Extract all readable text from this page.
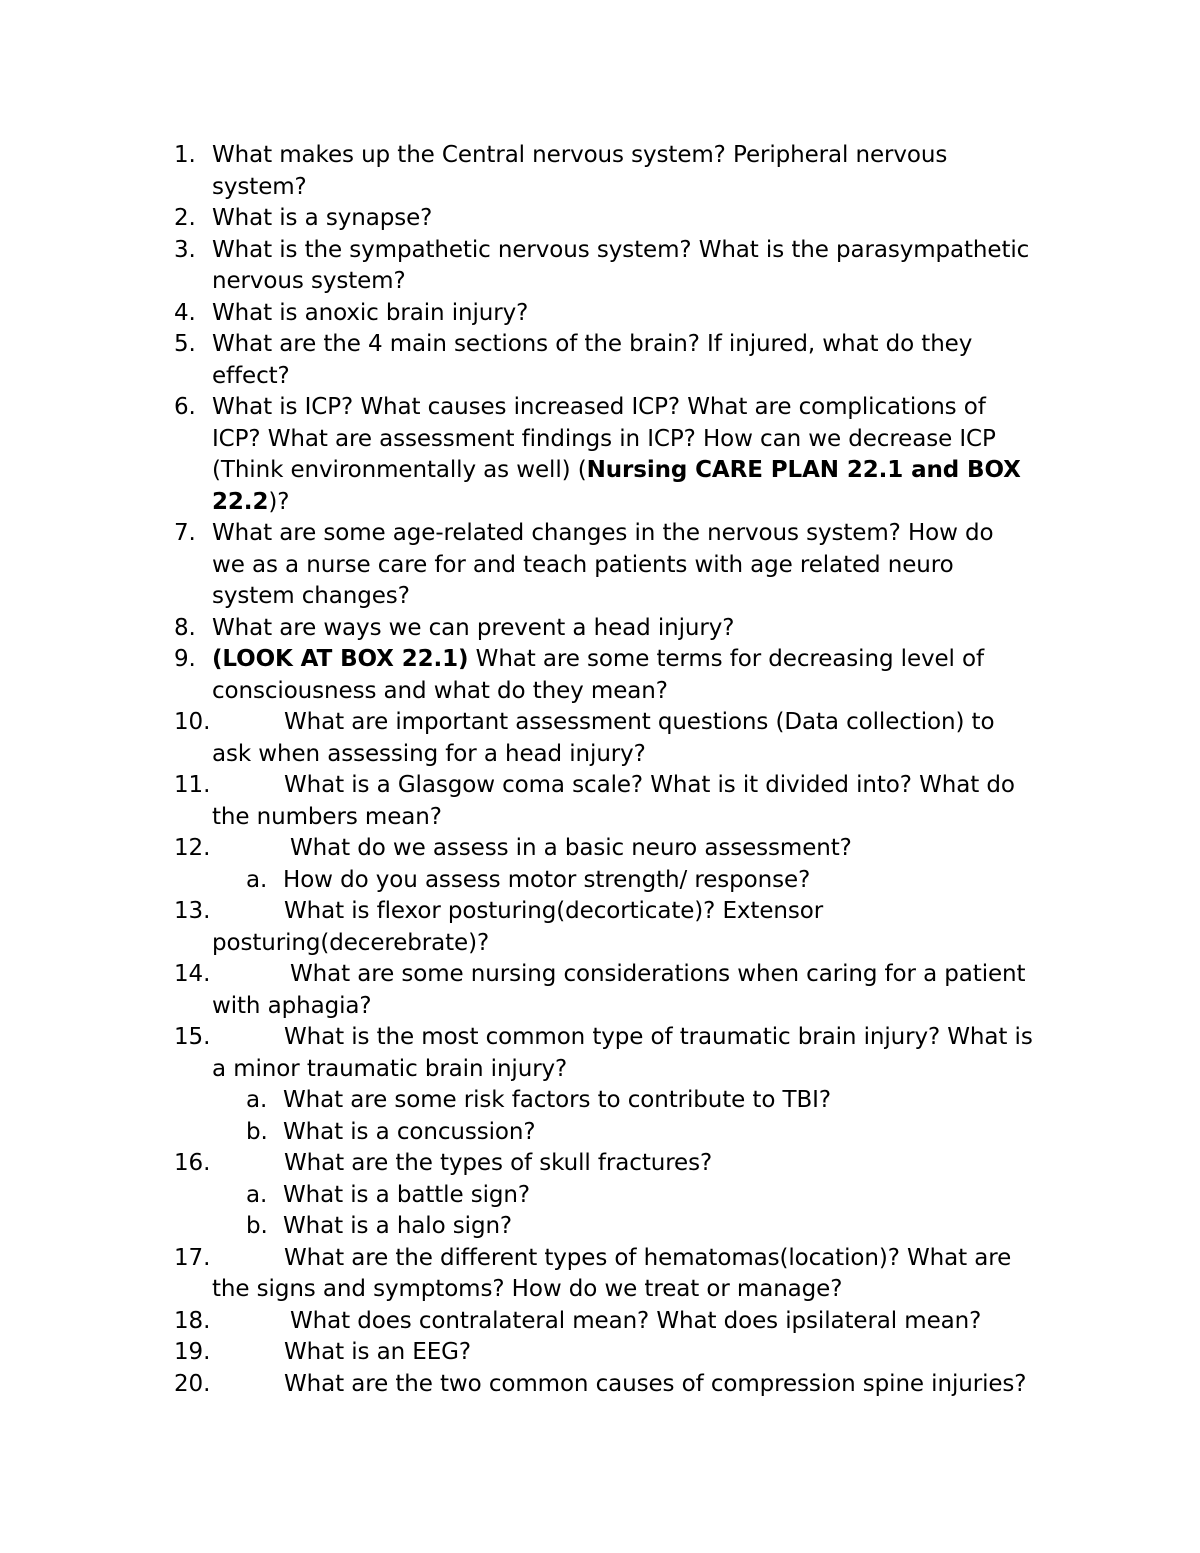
1. What makes up the Central nervous system? Peripheral nervous
system?
2. What is a synapse?
3. What is the sympathetic nervous system? What is the parasympathetic
nervous system?
4. What is anoxic brain injury?
5. What are the 4 main sections of the brain? If injured, what do they
effect?
6. What is ICP? What causes increased ICP? What are complications of
ICP? What are assessment findings in ICP? How can we decrease ICP
(Think environmentally as well) (Nursing CARE PLAN 22.1 and BOX
22.2)?
7. What are some age-related changes in the nervous system? How do
we as a nurse care for and teach patients with age related neuro
system changes?
8. What are ways we can prevent a head injury?
9. (LOOK AT BOX 22.1) What are some terms for decreasing level of
consciousness and what do they mean?
10.	What are important assessment questions (Data collection) to
ask when assessing for a head injury?
11.	What is a Glasgow coma scale? What is it divided into? What do
the numbers mean?
12.	What do we assess in a basic neuro assessment?
a. How do you assess motor strength/ response?
13.	What is flexor posturing(decorticate)? Extensor
posturing(decerebrate)?
14.	What are some nursing considerations when caring for a patient
with aphagia?
15.	What is the most common type of traumatic brain injury? What is
a minor traumatic brain injury?
a. What are some risk factors to contribute to TBI?
b. What is a concussion?
16.	What are the types of skull fractures?
a. What is a battle sign?
b. What is a halo sign?
17.	What are the different types of hematomas(location)? What are
the signs and symptoms? How do we treat or manage?
18.	What does contralateral mean? What does ipsilateral mean?
19.	What is an EEG?
20.	What are the two common causes of compression spine injuries?
